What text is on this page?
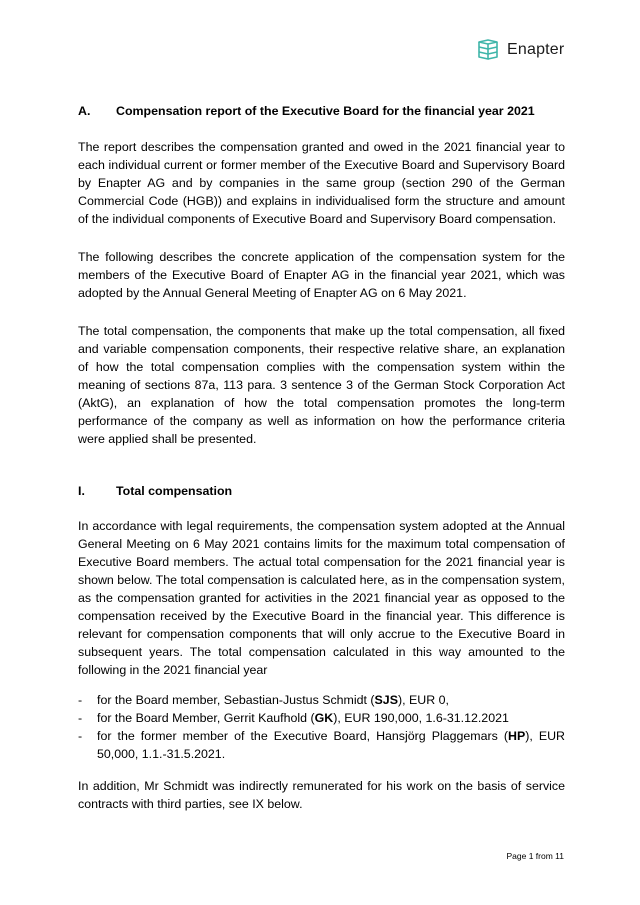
Enapter
A.	Compensation report of the Executive Board for the financial year 2021

The report describes the compensation granted and owed in the 2021 financial year to each individual current or former member of the Executive Board and Supervisory Board by Enapter AG and by companies in the same group (section 290 of the German Commercial Code (HGB)) and explains in individualised form the structure and amount of the individual components of Executive Board and Supervisory Board compensation.

The following describes the concrete application of the compensation system for the members of the Executive Board of Enapter AG in the financial year 2021, which was adopted by the Annual General Meeting of Enapter AG on 6 May 2021.

The total compensation, the components that make up the total compensation, all fixed and variable compensation components, their respective relative share, an explanation of how the total compensation complies with the compensation system within the meaning of sections 87a, 113 para. 3 sentence 3 of the German Stock Corporation Act (AktG), an explanation of how the total compensation promotes the long-term performance of the company as well as information on how the performance criteria were applied shall be presented.

I.	Total compensation

In accordance with legal requirements, the compensation system adopted at the Annual General Meeting on 6 May 2021 contains limits for the maximum total compensation of Executive Board members. The actual total compensation for the 2021 financial year is shown below. The total compensation is calculated here, as in the compensation system, as the compensation granted for activities in the 2021 financial year as opposed to the compensation received by the Executive Board in the financial year. This difference is relevant for compensation components that will only accrue to the Executive Board in subsequent years. The total compensation calculated in this way amounted to the following in the 2021 financial year

-	for the Board member, Sebastian-Justus Schmidt (SJS), EUR 0,
-	for the Board Member, Gerrit Kaufhold (GK), EUR 190,000, 1.6-31.12.2021
-	for the former member of the Executive Board, Hansjörg Plaggemars (HP), EUR 50,000, 1.1.-31.5.2021.

In addition, Mr Schmidt was indirectly remunerated for his work on the basis of service contracts with third parties, see IX below.

Page 1 from 11
